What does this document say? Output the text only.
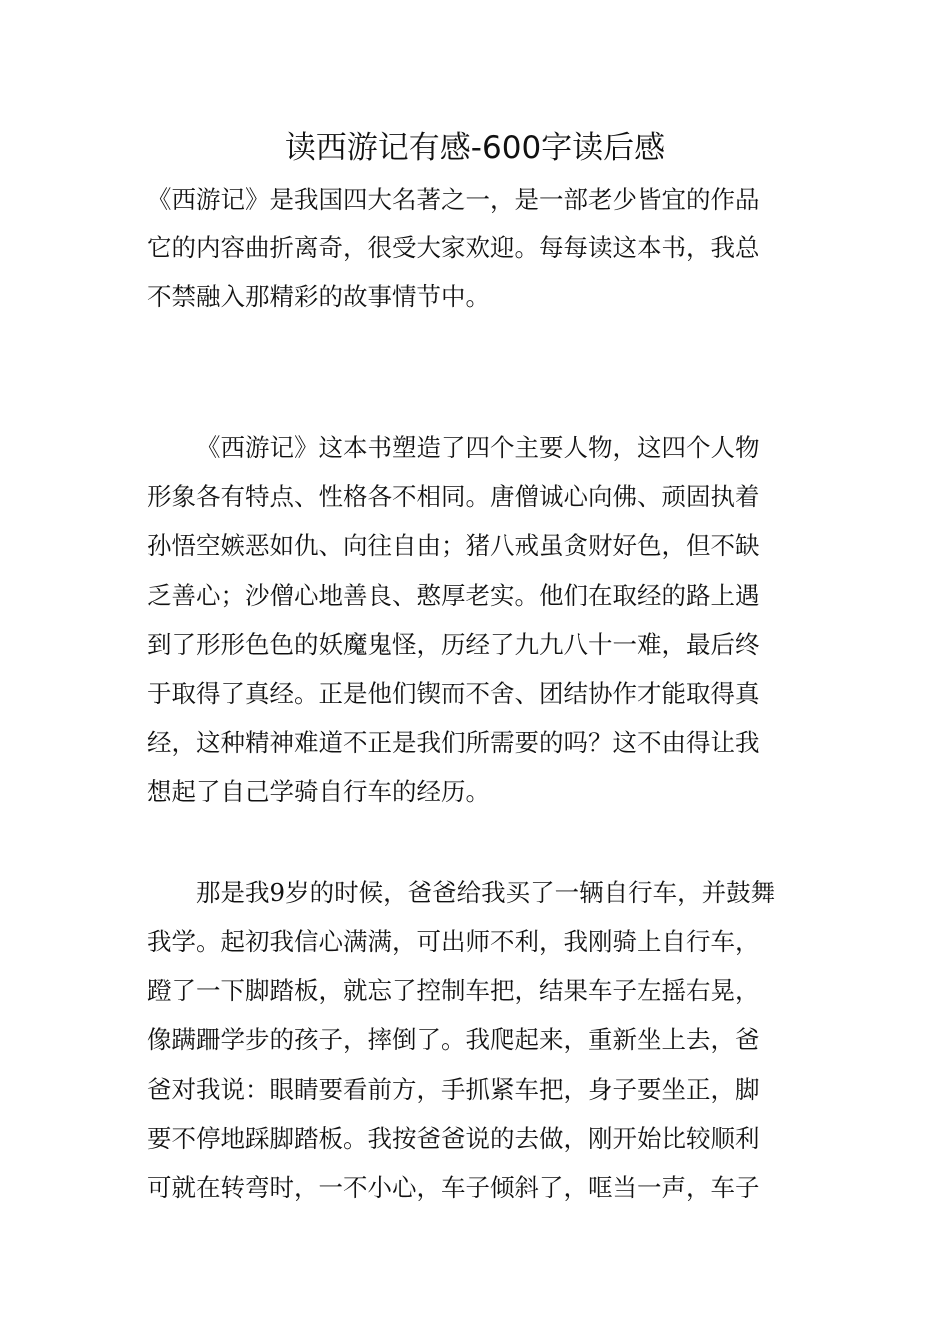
读西游记有感-600字读后感
《西游记》是我国四大名著之一，是一部老少皆宜的作品
它的内容曲折离奇，很受大家欢迎。每每读这本书，我总
不禁融入那精彩的故事情节中。
《西游记》这本书塑造了四个主要人物，这四个人物
形象各有特点、性格各不相同。唐僧诚心向佛、顽固执着
孙悟空嫉恶如仇、向往自由；猪八戒虽贪财好色，但不缺
乏善心；沙僧心地善良、憨厚老实。他们在取经的路上遇
到了形形色色的妖魔鬼怪，历经了九九八十一难，最后终
于取得了真经。正是他们锲而不舍、团结协作才能取得真
经，这种精神难道不正是我们所需要的吗？这不由得让我
想起了自己学骑自行车的经历。
那是我9岁的时候，爸爸给我买了一辆自行车，并鼓舞
我学。起初我信心满满，可出师不利，我刚骑上自行车，
蹬了一下脚踏板，就忘了控制车把，结果车子左摇右晃，
像蹒跚学步的孩子，摔倒了。我爬起来，重新坐上去，爸
爸对我说：眼睛要看前方，手抓紧车把，身子要坐正，脚
要不停地踩脚踏板。我按爸爸说的去做，刚开始比较顺利
可就在转弯时，一不小心，车子倾斜了，哐当一声，车子
